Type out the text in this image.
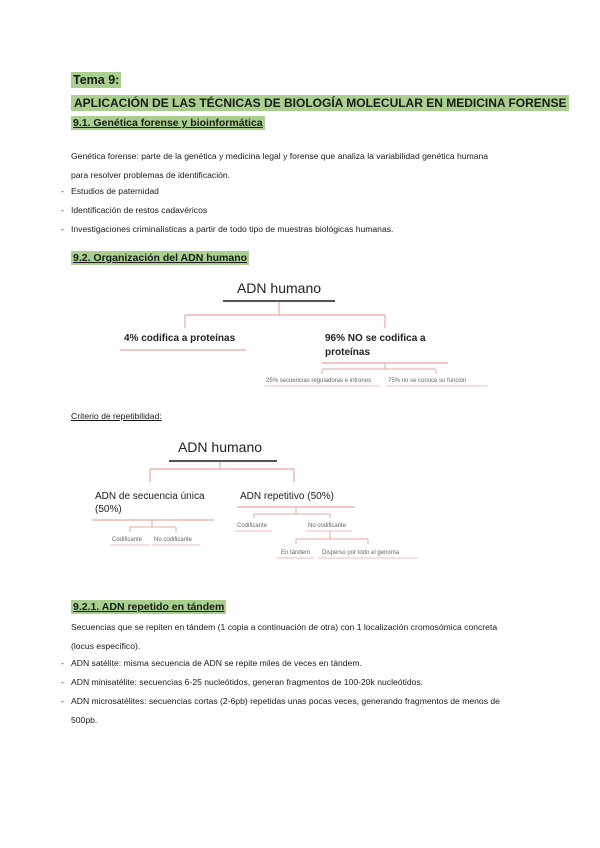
Tema 9:
APLICACIÓN DE LAS TÉCNICAS DE BIOLOGÍA MOLECULAR EN MEDICINA FORENSE
9.1. Genética forense y bioinformática
Genética forense: parte de la genética y medicina legal y forense que analiza la variabilidad genética humana
para resolver problemas de identificación.
- Estudios de paternidad
- Identificación de restos cadavéricos
- Investigaciones criminalísticas a partir de todo tipo de muestras biológicas humanas.
9.2. Organización del ADN humano
ADN humano
4% codifica a proteínas	96% NO se codifica a
proteínas
25% secuencias reguladoras e intrones	75% no se conoce su función
Criterio de repetibilidad:
ADN humano
ADN de secuencia única
(50%)
ADN repetitivo (50%)
Codificante No codificante
Codificante	No codificante
En tándem Disperso por todo el genoma
9.2.1. ADN repetido en tándem
Secuencias que se repiten en tándem (1 copia a continuación de otra) con 1 localización cromosómica concreta
(locus específico).
- ADN satélite: misma secuencia de ADN se repite miles de veces en tándem.
- ADN minisatélite: secuencias 6-25 nucleótidos, generan fragmentos de 100-20k nucleótidos.
- ADN microsatélites: secuencias cortas (2-6pb) repetidas unas pocas veces, generando fragmentos de menos de
500pb.
